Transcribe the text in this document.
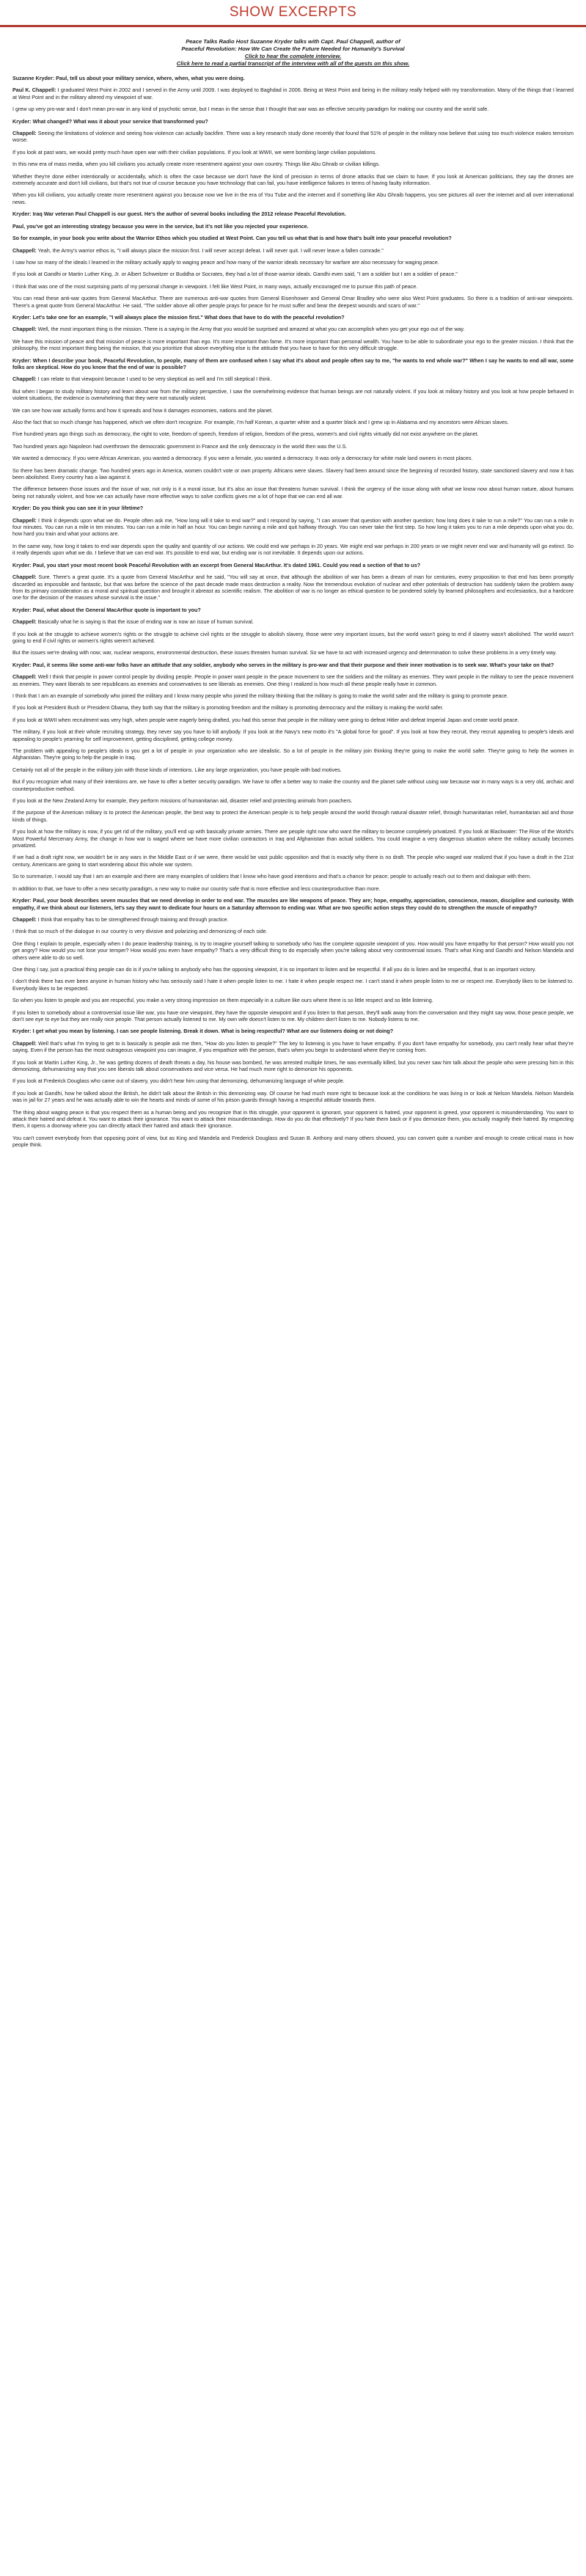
SHOW EXCERPTS
Peace Talks Radio Host Suzanne Kryder talks with Capt. Paul Chappell, author of
Peaceful Revolution: How We Can Create the Future Needed for Humanity's Survival
Click to hear the complete interview.
Click here to read a partial transcript of the interview with all of the guests on this show.

Suzanne Kryder: Paul, tell us about your military service, where, when, what you were doing.

Paul K. Chappell: I graduated West Point in 2002 and I served in the Army until 2009. I was deployed to Baghdad in 2006. Being at West Point and being in the military really helped with my transformation. Many of the things that I learned at West Point and in the military altered my viewpoint of war.

I grew up very pro-war and I don't mean pro-war in any kind of psychotic sense, but I mean in the sense that I thought that war was an effective security paradigm for making our country and the world safe.

Kryder: What changed? What was it about your service that transformed you?

Chappell: Seeing the limitations of violence and seeing how violence can actually backfire. There was a key research study done recently that found that 51% of people in the military now believe that using too much violence makes terrorism worse.

If you look at past wars, we would pretty much have open war with their civilian populations. If you look at WWII, we were bombing large civilian populations.

In this new era of mass media, when you kill civilians you actually create more resentment against your own country. Things like Abu Ghraib or civilian killings.

Whether they're done either intentionally or accidentally, which is often the case because we don't have the kind of precision in terms of drone attacks that we claim to have. If you look at American politicians, they say the drones are extremely accurate and don't kill civilians, but that's not true of course because you have technology that can fail, you have intelligence failures in terms of having faulty information.

When you kill civilians, you actually create more resentment against you because now we live in the era of You Tube and the internet and if something like Abu Ghraib happens, you see pictures all over the internet and all over international news.

Kryder: Iraq War veteran Paul Chappell is our guest. He's the author of several books including the 2012 release Peaceful Revolution.

Paul, you've got an interesting strategy because you were in the service, but it's not like you rejected your experience.

So for example, in your book you write about the Warrior Ethos which you studied at West Point. Can you tell us what that is and how that's built into your peaceful revolution?

Chappell: Yeah, the Army's warrior ethos is, "I will always place the mission first. I will never accept defeat. I will never quit. I will never leave a fallen comrade."

I saw how so many of the ideals I learned in the military actually apply to waging peace and how many of the warrior ideals necessary for warfare are also necessary for waging peace.

If you look at Gandhi or Martin Luther King, Jr. or Albert Schweitzer or Buddha or Socrates, they had a lot of those warrior ideals. Gandhi even said, "I am a soldier but I am a soldier of peace."

I think that was one of the most surprising parts of my personal change in viewpoint. I felt like West Point, in many ways, actually encouraged me to pursue this path of peace.

You can read these anti-war quotes from General MacArthur. There are numerous anti-war quotes from General Eisenhower and General Omar Bradley who were also West Point graduates. So there is a tradition of anti-war viewpoints. There's a great quote from General MacArthur. He said, "The soldier above all other people prays for peace for he must suffer and bear the deepest wounds and scars of war."

Kryder: Let's take one for an example, "I will always place the mission first." What does that have to do with the peaceful revolution?

Chappell: Well, the most important thing is the mission. There is a saying in the Army that you would be surprised and amazed at what you can accomplish when you get your ego out of the way.

We have this mission of peace and that mission of peace is more important than ego. It's more important than fame. It's more important than personal wealth. You have to be able to subordinate your ego to the greater mission. I think that the philosophy, the most important thing being the mission, that you prioritize that above everything else is the attitude that you have to have for this very difficult struggle.

Kryder: When I describe your book, Peaceful Revolution, to people, many of them are confused when I say what it's about and people often say to me, "he wants to end whole war?" When I say he wants to end all war, some folks are skeptical. How do you know that the end of war is possible?

Chappell: I can relate to that viewpoint because I used to be very skeptical as well and I'm still skeptical I think.

But when I began to study military history and learn about war from the military perspective, I saw the overwhelming evidence that human beings are not naturally violent. If you look at military history and you look at how people behaved in violent situations, the evidence is overwhelming that they were not naturally violent.

We can see how war actually forms and how it spreads and how it damages economies, nations and the planet.

Also the fact that so much change has happened, which we often don't recognize. For example, I'm half Korean, a quarter white and a quarter black and I grew up in Alabama and my ancestors were African slaves.

Five hundred years ago things such as democracy, the right to vote, freedom of speech, freedom of religion, freedom of the press, women's and civil rights virtually did not exist anywhere on the planet.

Two hundred years ago Napoleon had overthrown the democratic government in France and the only democracy in the world then was the U.S.

We wanted a democracy. If you were African American, you wanted a democracy. If you were a female, you wanted a democracy. It was only a democracy for white male land owners in most places.

So there has been dramatic change. Two hundred years ago in America, women couldn't vote or own property. Africans were slaves. Slavery had been around since the beginning of recorded history, state sanctioned slavery and now it has been abolished. Every country has a law against it.

The difference between those issues and the issue of war, not only is it a moral issue, but it's also an issue that threatens human survival. I think the urgency of the issue along with what we know now about human nature, about humans being not naturally violent, and how we can actually have more effective ways to solve conflicts gives me a lot of hope that we can end all war.

Kryder: Do you think you can see it in your lifetime?

Chappell: I think it depends upon what we do. People often ask me, "How long will it take to end war?" and I respond by saying, "I can answer that question with another question; how long does it take to run a mile?" You can run a mile in four minutes. You can run a mile in ten minutes. You can run a mile in half an hour. You can begin running a mile and quit halfway through. You can never take the first step. So how long it takes you to run a mile depends upon what you do, how hard you train and what your actions are.

In the same way, how long it takes to end war depends upon the quality and quantity of our actions. We could end war perhaps in 20 years. We might end war perhaps in 200 years or we might never end war and humanity will go extinct. So it really depends upon what we do. I believe that we can end war. It's possible to end war, but ending war is not inevitable. It depends upon our actions.

Kryder: Paul, you start your most recent book Peaceful Revolution with an excerpt from General MacArthur. It's dated 1961. Could you read a section of that to us?

Chappell: Sure. There's a great quote. It's a quote from General MacArthur and he said, "You will say at once, that although the abolition of war has been a dream of man for centuries, every proposition to that end has been promptly discarded as impossible and fantastic, but that was before the science of the past decade made mass destruction a reality. Now the tremendous evolution of nuclear and other potentials of destruction has suddenly taken the problem away from its primary consideration as a moral and spiritual question and brought it abreast as scientific realism. The abolition of war is no longer an ethical question to be pondered solely by learned philosophers and ecclesiastics, but a hardcore one for the decision of the masses whose survival is the issue."

Kryder: Paul, what about the General MacArthur quote is important to you?

Chappell: Basically what he is saying is that the issue of ending war is now an issue of human survival.

If you look at the struggle to achieve women's rights or the struggle to achieve civil rights or the struggle to abolish slavery, those were very important issues, but the world wasn't going to end if slavery wasn't abolished. The world wasn't going to end if civil rights or women's rights weren't achieved.

But the issues we're dealing with now; war, nuclear weapons, environmental destruction, these issues threaten human survival. So we have to act with increased urgency and determination to solve these problems in a very timely way.

Kryder: Paul, it seems like some anti-war folks have an attitude that any soldier, anybody who serves in the military is pro-war and that their purpose and their inner motivation is to seek war. What's your take on that?

Chappell: Well I think that people in power control people by dividing people. People in power want people in the peace movement to see the soldiers and the military as enemies. They want people in the military to see the peace movement as enemies. They want liberals to see republicans as enemies and conservatives to see liberals as enemies. One thing I realized is how much all these people really have in common.

I think that I am an example of somebody who joined the military and I know many people who joined the military thinking that the military is going to make the world safer and the military is going to promote peace.

If you look at President Bush or President Obama, they both say that the military is promoting freedom and the military is promoting democracy and the military is making the world safer.

If you look at WWII when recruitment was very high, when people were eagerly being drafted, you had this sense that people in the military were going to defeat Hitler and defeat Imperial Japan and create world peace.

The military, if you look at their whole recruiting strategy, they never say you have to kill anybody. If you look at the Navy's new motto it's "A global force for good". If you look at how they recruit, they recruit appealing to people's ideals and appealing to people's yearning for self improvement, getting disciplined, getting college money.

The problem with appealing to people's ideals is you get a lot of people in your organization who are idealistic. So a lot of people in the military join thinking they're going to make the world safer. They're going to help the women in Afghanistan. They're going to help the people in Iraq.

Certainly not all of the people in the military join with those kinds of intentions. Like any large organization, you have people with bad motives.

But if you recognize what many of their intentions are, we have to offer a better security paradigm. We have to offer a better way to make the country and the planet safe without using war because war in many ways is a very old, archaic and counterproductive method.

If you look at the New Zealand Army for example, they perform missions of humanitarian aid, disaster relief and protecting animals from poachers.

If the purpose of the American military is to protect the American people, the best way to protect the American people is to help people around the world through natural disaster relief, through humanitarian relief, humanitarian aid and those kinds of things.

If you look at how the military is now, if you get rid of the military, you'll end up with basically private armies. There are people right now who want the military to become completely privatized. If you look at Blackwater: The Rise of the World's Most Powerful Mercenary Army, the change in how war is waged where we have more civilian contractors in Iraq and Afghanistan than actual soldiers. You could imagine a very dangerous situation where the military actually becomes privatized.

If we had a draft right now, we wouldn't be in any wars in the Middle East or if we were, there would be vast public opposition and that is exactly why there is no draft. The people who waged war realized that if you have a draft in the 21st century, Americans are going to start wondering about this whole war system.

So to summarize, I would say that I am an example and there are many examples of soldiers that I know who have good intentions and that's a chance for peace; people to actually reach out to them and dialogue with them.

In addition to that, we have to offer a new security paradigm, a new way to make our country safe that is more effective and less counterproductive than more.

Kryder: Paul, your book describes seven muscles that we need develop in order to end war. The muscles are like weapons of peace. They are; hope, empathy, appreciation, conscience, reason, discipline and curiosity. With empathy, if we think about our listeners, let's say they want to dedicate four hours on a Saturday afternoon to ending war. What are two specific action steps they could do to strengthen the muscle of empathy?

Chappell: I think that empathy has to be strengthened through training and through practice.

I think that so much of the dialogue in our country is very divisive and polarizing and demonizing of each side.

One thing I explain to people, especially when I do peace leadership training, is try to imagine yourself talking to somebody who has the complete opposite viewpoint of you. How would you have empathy for that person? How would you not get angry? How would you not lose your temper? How would you even have empathy? That's a very difficult thing to do especially when you're talking about very controversial issues. That's what King and Gandhi and Nelson Mandela and others were able to do so well.

One thing I say, just a practical thing people can do is if you're talking to anybody who has the opposing viewpoint, it is so important to listen and be respectful. If all you do is listen and be respectful, that is an important victory.

I don't think there has ever been anyone in human history who has seriously said I hate it when people listen to me. I hate it when people respect me. I can't stand it when people listen to me or respect me. Everybody likes to be listened to. Everybody likes to be respected.

So when you listen to people and you are respectful, you make a very strong impression on them especially in a culture like ours where there is so little respect and so little listening.

If you listen to somebody about a controversial issue like war, you have one viewpoint, they have the opposite viewpoint and if you listen to that person, they'll walk away from the conversation and they might say wow, those peace people, we don't see eye to eye but they are really nice people. That person actually listened to me. My own wife doesn't listen to me. My children don't listen to me. Nobody listens to me.

Kryder: I get what you mean by listening. I can see people listening. Break it down. What is being respectful? What are our listeners doing or not doing?

Chappell: Well that's what I'm trying to get to is basically is people ask me then, "How do you listen to people?" The key to listening is you have to have empathy. If you don't have empathy for somebody, you can't really hear what they're saying. Even if the person has the most outrageous viewpoint you can imagine, if you empathize with the person, that's when you begin to understand where they're coming from.

If you look at Martin Luther King, Jr., he was getting dozens of death threats a day, his house was bombed, he was arrested multiple times, he was eventually killed, but you never saw him talk about the people who were pressing him in this demonizing, dehumanizing way that you see liberals talk about conservatives and vice versa. He had much more right to demonize his opponents.

If you look at Frederick Douglass who came out of slavery, you didn't hear him using that demonizing, dehumanizing language of white people.

If you look at Gandhi, how he talked about the British, he didn't talk about the British in this demonizing way. Of course he had much more right to because look at the conditions he was living in or look at Nelson Mandela. Nelson Mandela was in jail for 27 years and he was actually able to win the hearts and minds of some of his prison guards through having a respectful attitude towards them.

The thing about waging peace is that you respect them as a human being and you recognize that in this struggle, your opponent is ignorant, your opponent is hatred, your opponent is greed, your opponent is misunderstanding. You want to attack their hatred and defeat it. You want to attack their ignorance. You want to attack their misunderstandings. How do you do that effectively? If you hate them back or if you demonize them, you actually magnify their hatred. By respecting them, it opens a doorway where you can directly attack their hatred and attack their ignorance.

You can't convert everybody from that opposing point of view, but as King and Mandela and Frederick Douglass and Susan B. Anthony and many others showed, you can convert quite a number and enough to create critical mass in how people think.
